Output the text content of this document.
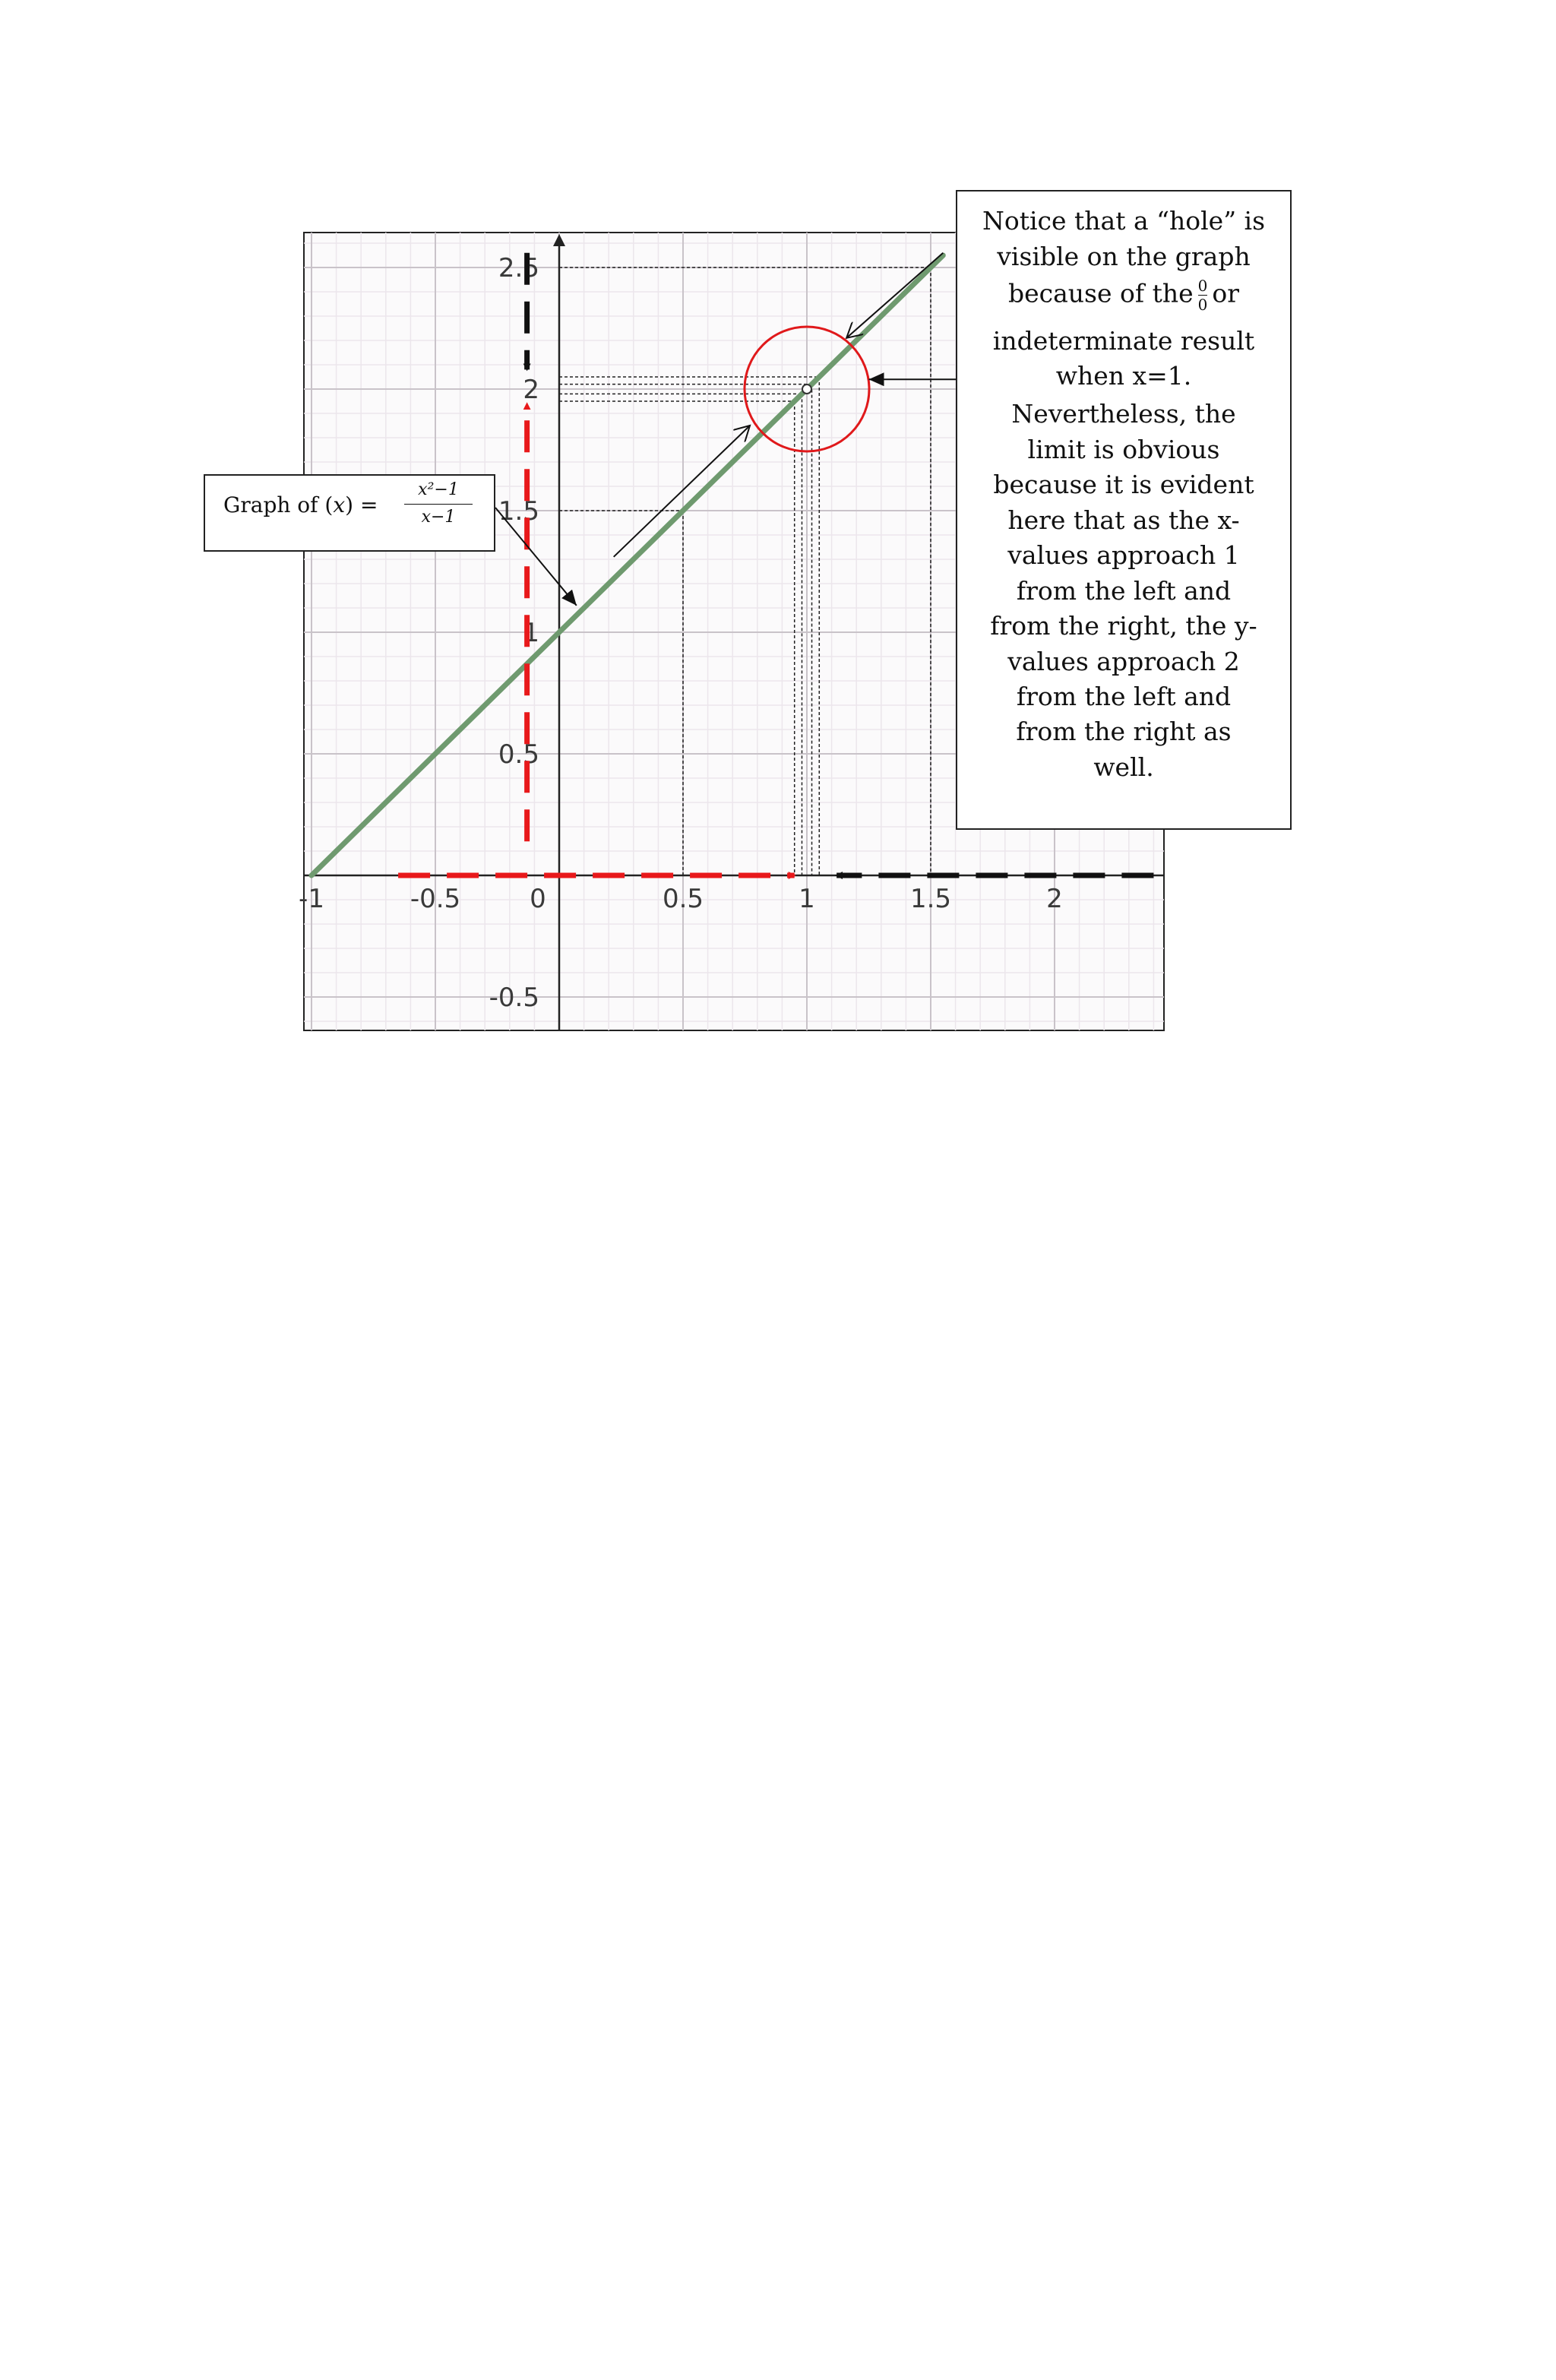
-1	-0.5	0	0.5	1	1.5	2
-0.5
0.5
1
1.5
2
2.5
Graph of (x) =
x²−1
x−1
Notice that a “hole” is
visible on the graph
because of the $\frac{0}{0}$ or
indeterminate result
when x=1.
Nevertheless, the
limit is obvious
because it is evident
here that as the x-
values approach 1
from the left and
from the right, the y-
values approach 2
from the left and
from the right as
well.
